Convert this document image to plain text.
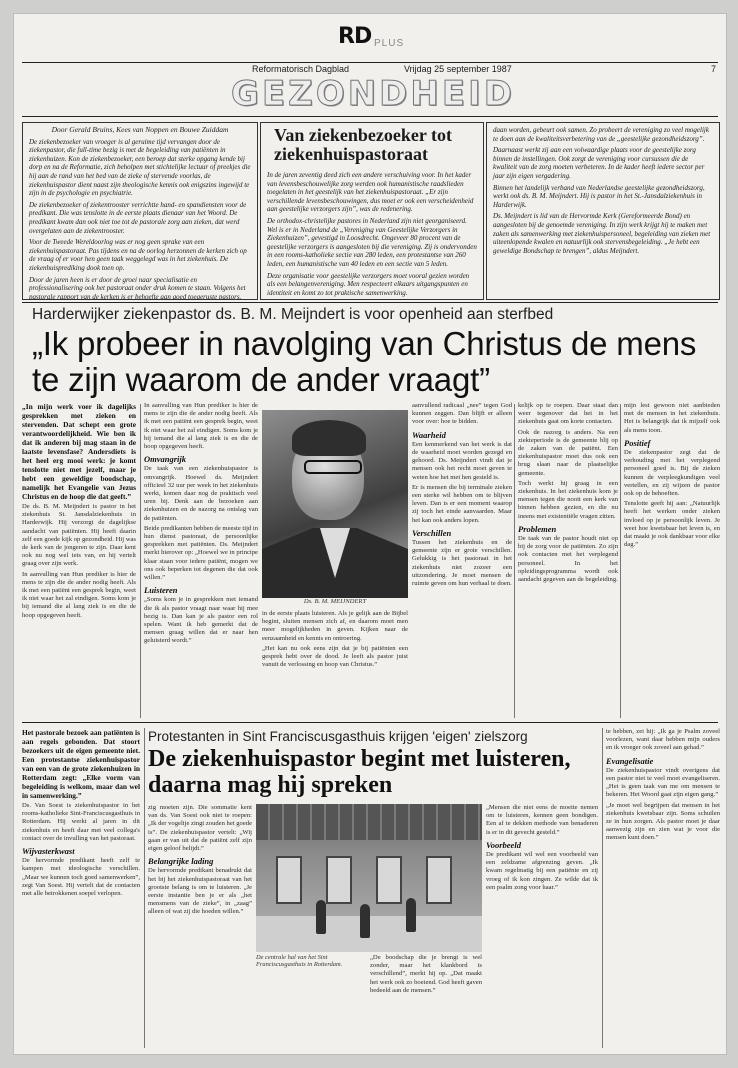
RD PLUS
Reformatorisch Dagblad	Vrijdag 25 september 1987	7
GEZONDHEID
Door Gerald Bruins, Kees van Noppen en Bouwe Zuiddam

De ziekenbezoeker van vroeger is al geruime tijd vervangen door de ziekenpastor, die full-time bezig is met de begeleiding van patiënten in ziekenhuizen. Kon de ziekenbezoeker, een beroep dat sterke opgang kende bij dorp en na de Reformatie, zich beholpen met stichtelijke lectuur of preekjes die hij aan de rand van het bed van de zieke of stervende voorlas, de ziekenhuispastor dient naast zijn theologische kennis ook enigszins ingewijd te zijn in de psychologie en psychiatrie.

De ziekenbezoeker of ziekentrooster verrichtte hand- en spandiensten voor de predikant. Die was tenslotte in de eerste plaats dienaar van het Woord. De predikant kwam dan ook niet toe tot de pastorale zorg aan zieken, dat werd overgelaten aan de ziekentrooster.

Voor de Tweede Wereldoorlog was er nog geen sprake van een ziekenhuispastoraat. Pas tijdens en na de oorlog herzonnen de kerken zich op de vraag of er voor hen geen taak weggelegd was in het ziekenhuis. De ziekenhuisprediking dook toen op.

Door de jaren heen is er door de groei naar specialisatie en professionalisering ook het pastoraat onder druk komen te staan. Volgens het pastorale rapport van de kerken is er behoefte aan goed toegeruste pastors.

In de jaren zeventig deed zich een andere verschuiving voor. In het kader van levensbeschouwelijke zorg werden ook humanistische raadslieden toegelaten in het geestelijk van het ziekenhuispastoraat. „Er zijn verschillende levensbeschouwingen, dus moet er ook een verscheidenheid aan geestelijke verzorgers zijn”, was de redenering.

De orthodox-christelijke pastores in Nederland zijn niet georganiseerd. Wel is er in Nederland de „Vereniging van Geestelijke Verzorgers in Ziekenhuizen”, gevestigd in Loosdrecht. Ongeveer 80 procent van de geestelijke verzorgers is aangesloten bij die vereniging. Zij is ondervonden in een rooms-katholieke sectie van 280 leden, een protestantse van 260 leden, een humanistische van 40 leden en een sectie van 5 leden.

Deze organisatie voor geestelijke verzorgers moet vooral gezien worden als een belangenvereniging. Men respecteert elkaars uitgangspunten en identiteit en komt zo tot praktische samenwerking.

Van ziekenbezoeker tot ziekenhuispastoraat

daan worden, gebeurt ook samen. Zo probeert de vereniging zo veel mogelijk te doen aan de kwaliteitsverbetering van de „geestelijke gezondheidszorg”.

Daarnaast werkt zij aan een volwaardige plaats voor de geestelijke zorg binnen de instellingen. Ook zorgt de vereniging voor cursussen die de kwaliteit van de zorg moeten verbeteren. In de kader heeft iedere sector per jaar zijn eigen vergadering.

Binnen het landelijk verband van Nederlandse geestelijke gezondheidszorg, werkt ook ds. B. M. Meijndert. Hij is pastor in het St.-Jansdalziekenhuis in Harderwijk.

Ds. Meijndert is lid van de Hervormde Kerk (Gereformeerde Bond) en aangesloten bij de genoemde vereniging. In zijn werk krijgt hij te maken met zaken als samenwerking met ziekenhuispersoneel, begeleiding van zieken met uiteenlopende kwalen en natuurlijk ook stervensbegeleiding. „Je hebt een geweldige Bondschap te brengen”, aldus Meijndert.

Harderwijker ziekenpastor ds. B. M. Meijndert is voor openheid aan sterfbed
„Ik probeer in navolging van Christus de mens te zijn waarom de ander vraagt”

„In mijn werk voer ik dagelijks gesprekken met zieken en stervenden. Dat schept een grote verantwoordelijkheid. Wie ben ik dat ik anderen bij mag staan in de laatste levensfase? Andersdiets is het heel erg mooi werk: je komt tenslotte niet met jezelf, maar je hebt een geweldige boodschap, namelijk het Evangelie van Jezus Christus en de hoop die dat geeft.”

De ds. B. M. Meijndert is pastor in het ziekenhuis St. Jansdalziekenhuis in Harderwijk. Hij verzorgt de dagelijkse aandacht van patiënten. Hij heeft daarin zelf een goede kijk op gezondheid. Hij was de kerk van de jongeren te zijn. Daar kent ook nu nog wel iets van, en hij vertelt graag over zijn werk.

In aanvulling van Hun prediker is hier de mens te zijn die de ander nodig heeft. Als ik met een patiënt een gesprek begin, weet ik niet waar het zal eindigen. Soms kom je bij iemand die al lang ziek is en die de hoop opgegeven heeft.

In aanvulling van Hun prediker is hier de mens te zijn die de ander nodig heeft. Als ik met een patiënt een gesprek begin, weet ik niet waar het zal eindigen. Soms kom je bij iemand die al lang ziek is en die de hoop opgegeven heeft.

Omvangrijk

De taak van een ziekenhuispastor is omvangrijk. Hoewel ds. Meijndert officieel 32 uur per week in het ziekenhuis werkt, komen daar nog de praktisch veel uren bij. Denk aan de bezoeken aan ziekenhuizen en de nazorg na ontslag van de patiënten.

Beide predikanten hebben de meeste tijd in hun dienst pastoraat, de persoonlijke gesprekken met patiënten. Ds. Meijndert merkt hierover op: „Hoewel we in principe klaar staan voor iedere patiënt, mogen we ons ook beperken tot degenen die dat ook willen.”

Luisteren

„Soms kom je in gesprekken met iemand die ik als pastor vraagt naar waar hij mee bezig is. Dan kan je als pastor een rol spelen. Want ik heb gemerkt dat de mensen graag willen dat er naar hen geluisterd wordt.”

Ds. B. M. MEIJNDERT

in de eerste plaats luisteren. Als je gelijk aan de Bijbel begint, sluiten mensen zich af, en daarom moet men meer mogelijkheden in geven. Kijken naar de eenzaamheid en kennis en ontroering.

„Het kan nu ook eens zijn dat je bij patiënten een gesprek hebt over de dood. Je leeft als pastor juist vanuit de verlossing en hoop van Christus.”

aanvullend radicaal „nee” tegen God kunnen zeggen. Dan blijft er alleen voor over: hoe te bidden.

Waarheid

Een kenmerkend van het werk is dat de waarheid moet worden gezegd en gehoord. Ds. Meijndert vindt dat je mensen ook het recht moet geven te weten hoe het met hen gesteld is.

Er is mensen die bij terminale zieken een sterke wil hebben om te blijven leven. Dan is er een moment waarop zij toch het einde aanvaarden. Maar het kan ook anders lopen.

Verschillen

Tussen het ziekenhuis en de gemeente zijn er grote verschillen. Gelukkig is het pastoraat in het ziekenhuis niet zozeer een uitzondering. Je moet mensen de ruimte geven om hun verhaal te doen.

kelijk op te roepen. Daar staat dan weer tegenover dat het in het ziekenhuis gaat om korte contacten.

Ook de nazorg is anders. Na een ziekteperiode is de gemeente blij op de zaken van de patiënt. Een ziekenhuispastor moet dus ook een brug slaan naar de plaatselijke gemeente.

Toch werkt hij graag in een ziekenhuis. In het ziekenhuis kom je mensen tegen die nooit een kerk van binnen hebben gezien, en die nu ineens met existentiële vragen zitten.

Problemen

De taak van de pastor houdt niet op bij de zorg voor de patiënten. Zo zijn ook contacten met het verplegend personeel. In het opleidingsprogramma wordt ook aandacht gegeven aan de begeleiding.

mijn lest gewoon niet aanbieden met de mensen in het ziekenhuis. Het is belangrijk dat ik mijzelf ook als mens toon.

Positief

De ziekenpastor zegt dat de verhouding met het verplegend personeel goed is. Bij de zieken kunnen de verpleegkundigen veel vertellen, en zij wijzen de pastor ook op de behoeften.

Tenslotte geeft hij aan: „Natuurlijk heeft het werken onder zieken invloed op je persoonlijk leven. Je weet hoe kwetsbaar het leven is, en dat maakt je ook dankbaar voor elke dag.”

Het pastorale bezoek aan patiënten is aan regels gebonden. Dat stoort bezoekers uit de eigen gemeente niet. Een protestantse ziekenhuispastor van een van de grote ziekenhuizen in Rotterdam zegt: „Elke vorm van begeleiding is welkom, maar dan wel in samenwerking.”

Ds. Van Soest is ziekenhuispastor in het rooms-katholieke Sint-Franciscusgasthuis in Rotterdam. Hij werkt al jaren in dit ziekenhuis en heeft daar met veel collega's contact over de invulling van het pastoraat.

Wijvasterkwast

De hervormde predikant heeft zelf te kampen met ideologische verschillen. „Maar we kunnen toch goed samenwerken”, zegt Van Soest. Hij vertelt dat de contacten met alle betrokkenen soepel verlopen.

Protestanten in Sint Franciscusgasthuis krijgen 'eigen' zielszorg
De ziekenhuispastor begint met luisteren, daarna mag hij spreken

zig moeten zijn. Die sommatie kent van ds. Van Soest ook niet te roepen: „Ik der vogelije zingt zouden het goede is”. De ziekenhuispastor vertelt: „Wij gaan er van uit dat de patiënt zelf zijn eigen geloof belijdt.”

Belangrijke lading

De hervormde predikant benadrukt dat het bij het ziekenhuispastoraat van het grootste belang is om te luisteren. „Je eerste instantie ben je er als „het mensmens van de zieke”, in „zaag” alleen of wat zij die hoeden willen.”

De centrale hal van het Sint Franciscusgasthuis in Rotterdam.

„De boodschap die je brengt is wel zonder, maar het klankbord is verschillend”, merkt hij op. „Dat maakt het werk ook zo boeiend. God heeft gaven bedeeld aan de mensen.”

„Mensen die niet eens de moeite nemen om te luisteren, kennen geen bondigen. Een af te dekken methode van benaderen is er in dit gevecht gesteld.”

Voorbeeld

De predikant wil wel een voorbeeld van een zeldzame afgrenzing geven. „Ik kwam regelmatig bij een patiënte en zij vroeg of ik kon zingen. Ze wilde dat ik een psalm zong voor haar.”

te hebben, zei hij: „Ik ga je Psalm zoveel voorlezen, want daar hebben mijn ouders en ik vroeger ook zoveel aan gehad.”

Evangelisatie

De ziekenhuispastor vindt overigens dat een pastor niet te veel moet evangeliseren. „Het is geen taak van me om mensen te bekeren. Het Woord gaat zijn eigen gang.”

„Je moet wel begrijpen dat mensen in het ziekenhuis kwetsbaar zijn. Soms schuilen ze in hun zorgen. Als pastor moet je daar aanwezig zijn en zien wat je voor die mensen kunt doen.”
